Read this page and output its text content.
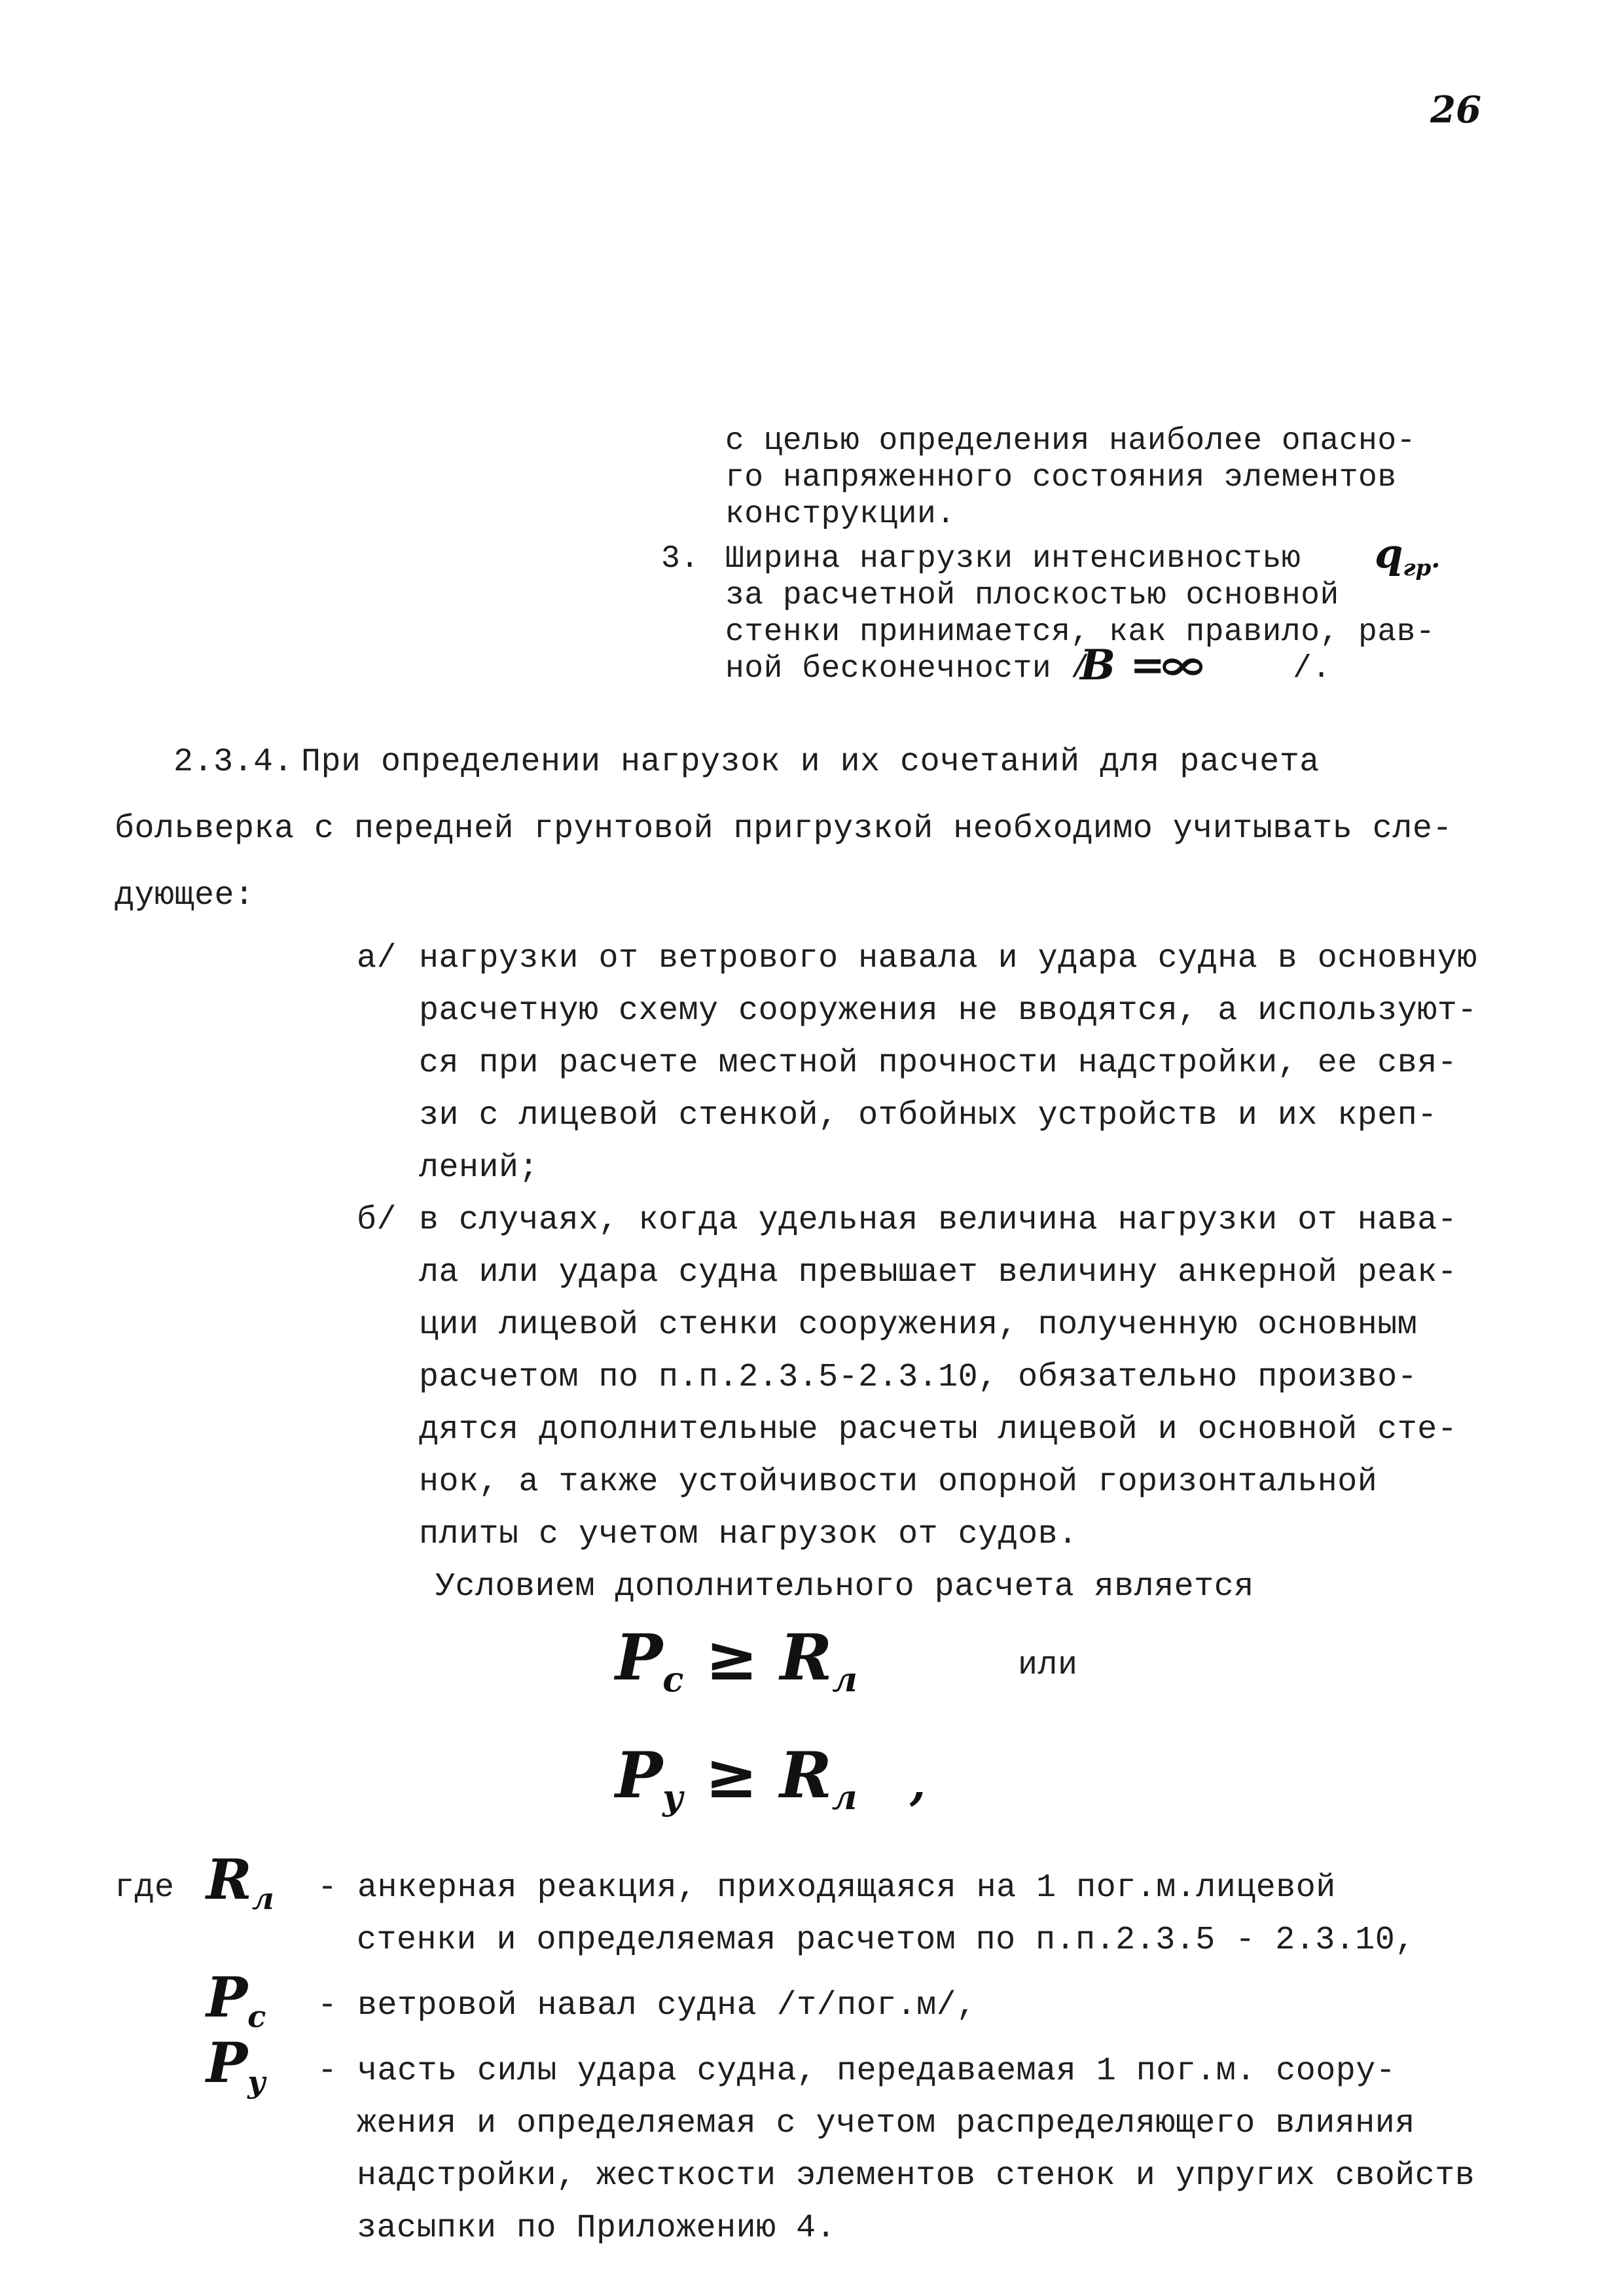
26
с целью определения наиболее опасно-
го напряженного состояния элементов
конструкции.
3. Ширина нагрузки интенсивностью $q_{гр}$.
за расчетной плоскостью основной
стенки принимается, как правило, рав-
ной бесконечности /
B =∞	/.
2.3.4. При определении нагрузок и их сочетаний для расчета
больверка с передней грунтовой пригрузкой необходимо учитывать сле-
дующее:
а/ нагрузки от ветрового навала и удара судна в основную
расчетную схему сооружения не вводятся, а используют-
ся при расчете местной прочности надстройки, ее свя-
зи с лицевой стенкой, отбойных устройств и их креп-
лений;
б/ в случаях, когда удельная величина нагрузки от нава-
ла или удара судна превышает величину анкерной реак-
ции лицевой стенки сооружения, полученную основным
расчетом по п.п.2.3.5-2.3.10, обязательно произво-
дятся дополнительные расчеты лицевой и основной сте-
нок, а также устойчивости опорной горизонтальной
плиты с учетом нагрузок от судов.
Условием дополнительного расчета является
$P_c \ge R_л$	или
$P_у \ge R_л$ ,
где $R_л$ - анкерная реакция, приходящаяся на 1 пог.м.лицевой
стенки и определяемая расчетом по п.п.2.3.5 - 2.3.10,
$P_c$ - ветровой навал судна /т/пог.м/,
$P_у$ - часть силы удара судна, передаваемая 1 пог.м. соору-
жения и определяемая с учетом распределяющего влияния
надстройки, жесткости элементов стенок и упругих свойств
засыпки по Приложению 4.
